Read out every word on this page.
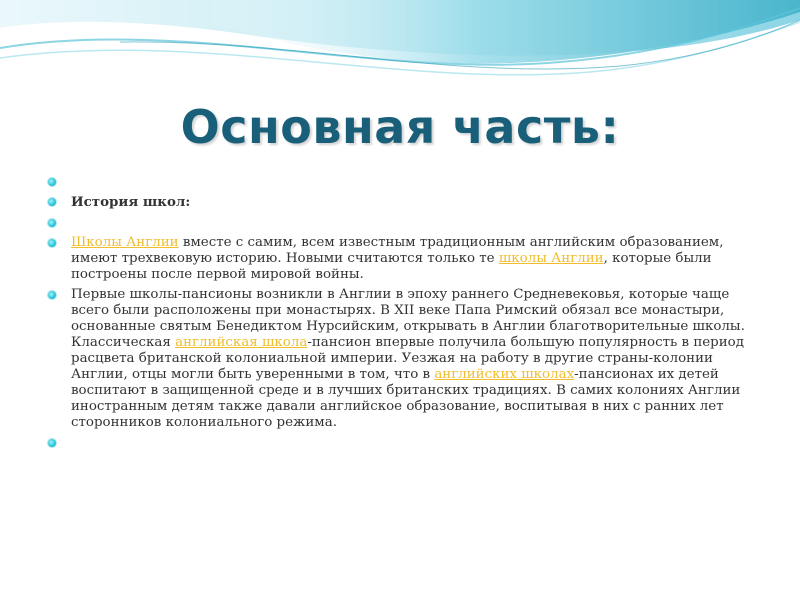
Основная часть:
История школ:
Школы Англии вместе с самим, всем известным традиционным английским образованием, имеют трехвековую историю. Новыми считаются только те школы Англии, которые были построены после первой мировой войны.
Первые школы-пансионы возникли в Англии в эпоху раннего Средневековья, которые чаще всего были расположены при монастырях. В XII веке Папа Римский обязал все монастыри, основанные святым Бенедиктом Нурсийским, открывать в Англии благотворительные школы. Классическая английская школа-пансион впервые получила большую популярность в период расцвета британской колониальной империи. Уезжая на работу в другие страны-колонии Англии, отцы могли быть уверенными в том, что в английских школах-пансионах их детей воспитают в защищенной среде и в лучших британских традициях. В самих колониях Англии иностранным детям также давали английское образование, воспитывая в них с ранних лет сторонников колониального режима.
